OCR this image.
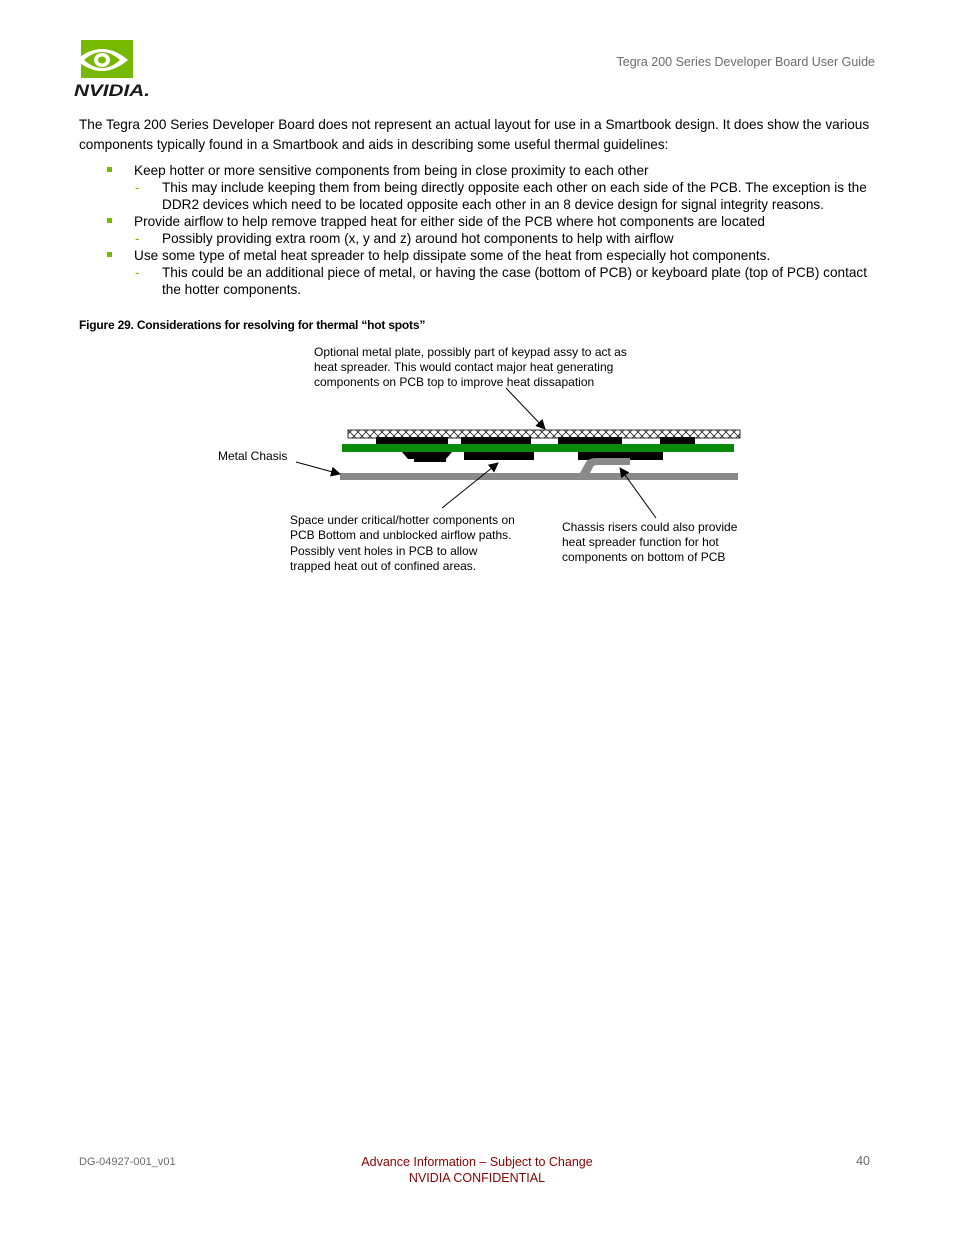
NVIDIA.
Tegra 200 Series Developer Board User Guide

The Tegra 200 Series Developer Board does not represent an actual layout for use in a Smartbook design. It does show the various components typically found in a Smartbook and aids in describing some useful thermal guidelines:

Keep hotter or more sensitive components from being in close proximity to each other
- This may include keeping them from being directly opposite each other on each side of the PCB. The exception is the DDR2 devices which need to be located opposite each other in an 8 device design for signal integrity reasons.
Provide airflow to help remove trapped heat for either side of the PCB where hot components are located
- Possibly providing extra room (x, y and z) around hot components to help with airflow
Use some type of metal heat spreader to help dissipate some of the heat from especially hot components.
- This could be an additional piece of metal, or having the case (bottom of PCB) or keyboard plate (top of PCB) contact the hotter components.
Figure 29. Considerations for resolving for thermal “hot spots”
Optional metal plate, possibly part of keypad assy to act as heat spreader. This would contact major heat generating components on PCB top to improve heat dissapation
Metal Chasis
Space under critical/hotter components on PCB Bottom and unblocked airflow paths. Possibly vent holes in PCB to allow trapped heat out of confined areas.
Chassis risers could also provide heat spreader function for hot components on bottom of PCB
DG-04927-001_v01	Advance Information – Subject to Change
NVIDIA CONFIDENTIAL
40
